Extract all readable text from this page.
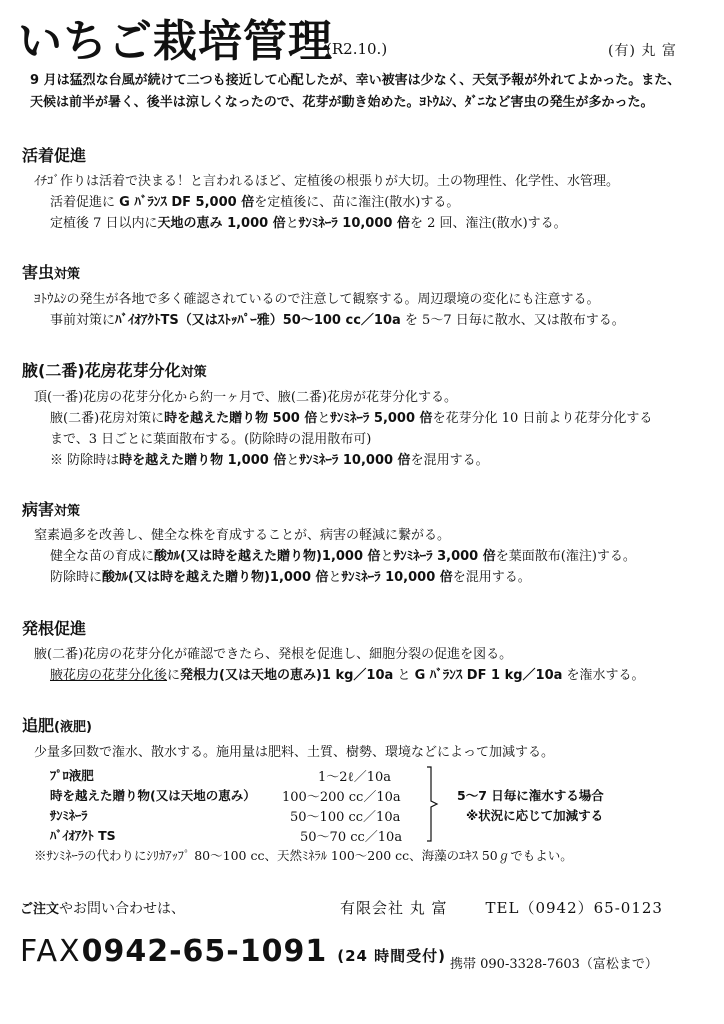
いちご栽培管理
(R2.10.)	(有) 丸 富
9 月は猛烈な台風が続けて二つも接近して心配したが、幸い被害は少なく、天気予報が外れてよかった。また、
天候は前半が暑く、後半は涼しくなったので、花芽が動き始めた。ﾖﾄｳﾑｼ、ﾀﾞﾆなど害虫の発生が多かった。
活着促進
ｲﾁｺﾞ作りは活着で決まる！と言われるほど、定植後の根張りが大切。土の物理性、化学性、水管理。
活着促進に G ﾊﾞﾗﾝｽ DF 5,000 倍を定植後に、苗に潅注(散水)する。
定植後 7 日以内に天地の恵み 1,000 倍とｻﾝﾐﾈｰﾗ 10,000 倍を 2 回、潅注(散水)する。
害虫対策
ﾖﾄｳﾑｼの発生が各地で多く確認されているので注意して観察する。周辺環境の変化にも注意する。
事前対策にﾊﾞｲｵｱｸﾄTS（又はｽﾄｯﾊﾟｰ雅）50～100 cc／10a を 5～7 日毎に散水、又は散布する。
腋(二番)花房花芽分化対策
頂(一番)花房の花芽分化から約一ヶ月で、腋(二番)花房が花芽分化する。
腋(二番)花房対策に時を越えた贈り物 500 倍とｻﾝﾐﾈｰﾗ 5,000 倍を花芽分化 10 日前より花芽分化する
まで、3 日ごとに葉面散布する。(防除時の混用散布可)
※ 防除時は時を越えた贈り物 1,000 倍とｻﾝﾐﾈｰﾗ 10,000 倍を混用する。
病害対策
窒素過多を改善し、健全な株を育成することが、病害の軽減に繋がる。
健全な苗の育成に酸ｶﾙ(又は時を越えた贈り物)1,000 倍とｻﾝﾐﾈｰﾗ 3,000 倍を葉面散布(潅注)する。
防除時に酸ｶﾙ(又は時を越えた贈り物)1,000 倍とｻﾝﾐﾈｰﾗ 10,000 倍を混用する。
発根促進
腋(二番)花房の花芽分化が確認できたら、発根を促進し、細胞分裂の促進を図る。
腋花房の花芽分化後に発根力(又は天地の恵み)1 kg／10a と G ﾊﾞﾗﾝｽ DF 1 kg／10a を潅水する。
追肥(液肥)
少量多回数で潅水、散水する。施用量は肥料、土質、樹勢、環境などによって加減する。
ﾌﾟﾛ液肥	1～2ℓ／10a
時を越えた贈り物(又は天地の恵み） 100～200 cc／10a
ｻﾝﾐﾈｰﾗ	50～100 cc／10a
ﾊﾞｲｵｱｸﾄ TS	50～70 cc／10a
5～7 日毎に潅水する場合
※状況に応じて加減する
※ｻﾝﾐﾈｰﾗの代わりにｼﾘｶｱｯﾌﾟ 80～100 cc、天然ﾐﾈﾗﾙ 100～200 cc、海藻のｴｷｽ 50ℊでもよい。
ご注文やお問い合わせは、	有限会社 丸 富	TEL（0942）65-0123
FAX0942-65-1091 (24 時間受付) 携帯 090-3328-7603（富松まで）
